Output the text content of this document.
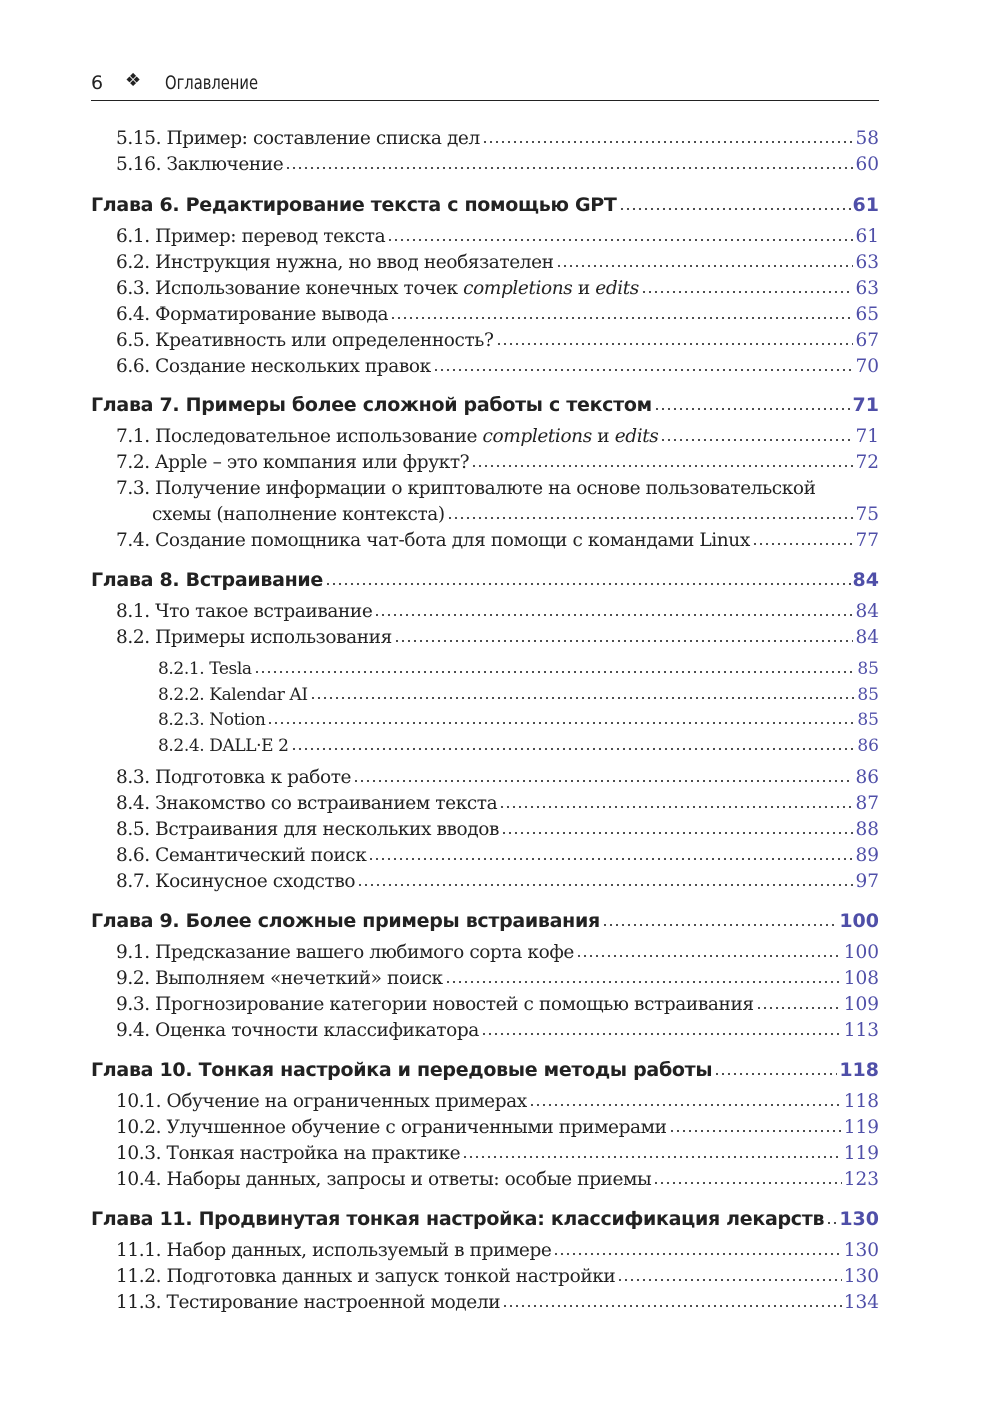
6 ❖ Оглавление
5.15. Пример: составление списка дел	58
5.16. Заключение	60
Глава 6. Редактирование текста с помощью GPT	61
6.1. Пример: перевод текста	61
6.2. Инструкция нужна, но ввод необязателен	63
6.3. Использование конечных точек completions и edits	63
6.4. Форматирование вывода	65
6.5. Креативность или определенность?	67
6.6. Создание нескольких правок	70
Глава 7. Примеры более сложной работы с текстом	71
7.1. Последовательное использование completions и edits	71
7.2. Apple – это компания или фрукт?	72
7.3. Получение информации о криптовалюте на основе пользовательской
схемы (наполнение контекста)	75
7.4. Создание помощника чат-бота для помощи с командами Linux	77
Глава 8. Встраивание	84
8.1. Что такое встраивание	84
8.2. Примеры использования	84
8.2.1. Tesla	85
8.2.2. Kalendar AI	85
8.2.3. Notion	85
8.2.4. DALL·E 2	86
8.3. Подготовка к работе	86
8.4. Знакомство со встраиванием текста	87
8.5. Встраивания для нескольких вводов	88
8.6. Семантический поиск	89
8.7. Косинусное сходство	97
Глава 9. Более сложные примеры встраивания	100
9.1. Предсказание вашего любимого сорта кофе	100
9.2. Выполняем «нечеткий» поиск	108
9.3. Прогнозирование категории новостей с помощью встраивания	109
9.4. Оценка точности классификатора	113
Глава 10. Тонкая настройка и передовые методы работы	118
10.1. Обучение на ограниченных примерах	118
10.2. Улучшенное обучение с ограниченными примерами	119
10.3. Тонкая настройка на практике	119
10.4. Наборы данных, запросы и ответы: особые приемы	123
Глава 11. Продвинутая тонкая настройка: классификация лекарств 130
11.1. Набор данных, используемый в примере	130
11.2. Подготовка данных и запуск тонкой настройки	130
11.3. Тестирование настроенной модели	134
